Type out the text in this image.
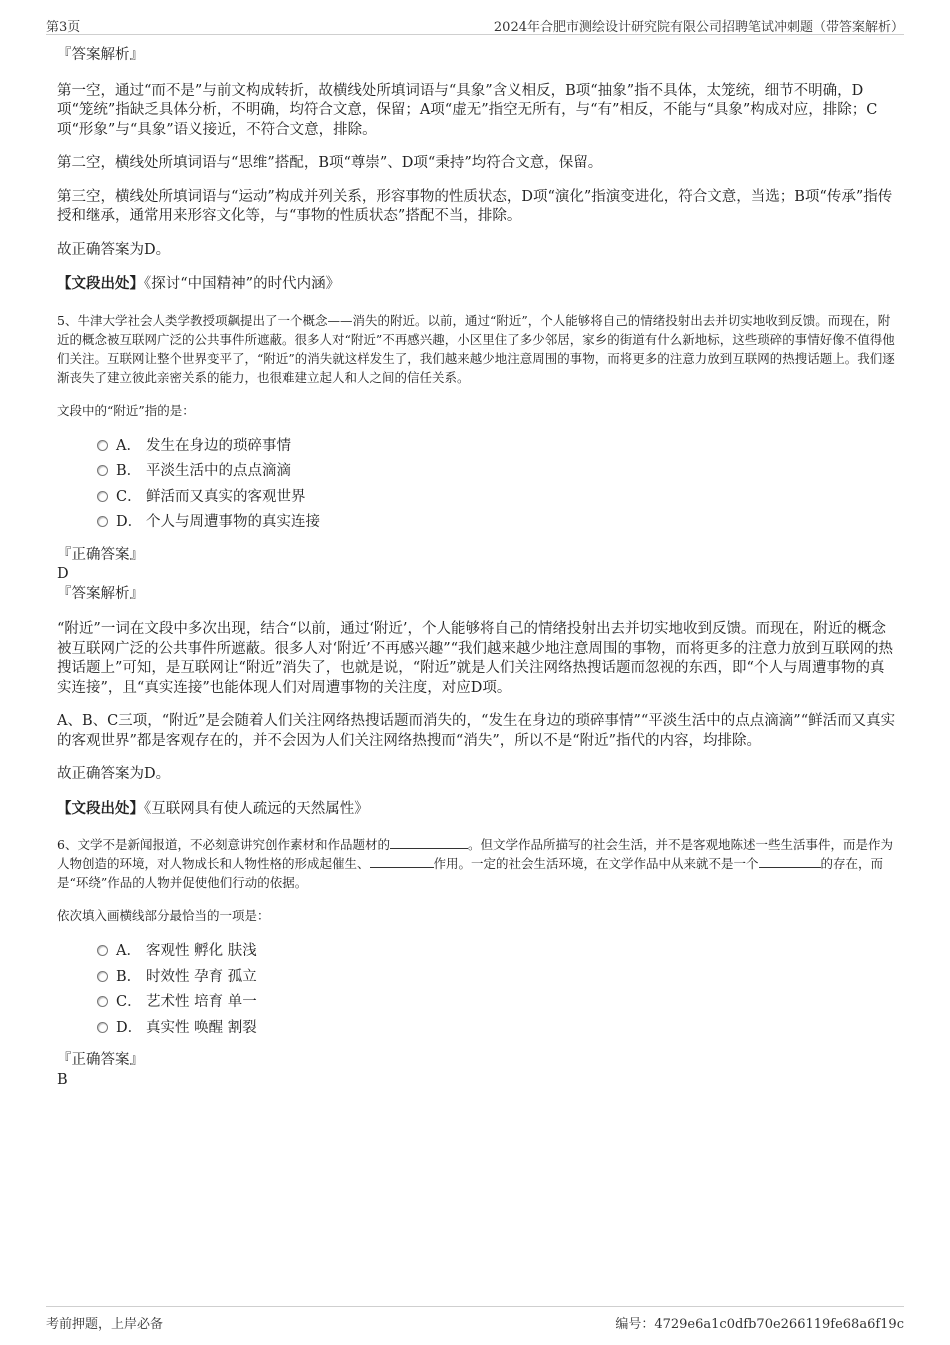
第3页	2024年合肥市测绘设计研究院有限公司招聘笔试冲刺题（带答案解析）

『答案解析』

第一空，通过“而不是”与前文构成转折，故横线处所填词语与“具象”含义相反，B项“抽象”指不具体，太笼统，细节不明确，D项“笼统”指缺乏具体分析，不明确，均符合文意，保留；A项“虚无”指空无所有，与“有”相反，不能与“具象”构成对应，排除；C项“形象”与“具象”语义接近，不符合文意，排除。

第二空，横线处所填词语与“思维”搭配，B项“尊崇”、D项“秉持”均符合文意，保留。

第三空，横线处所填词语与“运动”构成并列关系，形容事物的性质状态，D项“演化”指演变进化，符合文意，当选；B项“传承”指传授和继承，通常用来形容文化等，与“事物的性质状态”搭配不当，排除。

故正确答案为D。

【文段出处】《探讨“中国精神”的时代内涵》

5、牛津大学社会人类学教授项飙提出了一个概念——消失的附近。以前，通过“附近”，个人能够将自己的情绪投射出去并切实地收到反馈。而现在，附近的概念被互联网广泛的公共事件所遮蔽。很多人对“附近”不再感兴趣，小区里住了多少邻居，家乡的街道有什么新地标，这些琐碎的事情好像不值得他们关注。互联网让整个世界变平了，“附近”的消失就这样发生了，我们越来越少地注意周围的事物，而将更多的注意力放到互联网的热搜话题上。我们逐渐丧失了建立彼此亲密关系的能力，也很难建立起人和人之间的信任关系。

文段中的“附近”指的是：

A． 发生在身边的琐碎事情
B． 平淡生活中的点点滴滴
C． 鲜活而又真实的客观世界
D． 个人与周遭事物的真实连接

『正确答案』

D

『答案解析』

“附近”一词在文段中多次出现，结合“以前，通过‘附近’，个人能够将自己的情绪投射出去并切实地收到反馈。而现在，附近的概念被互联网广泛的公共事件所遮蔽。很多人对‘附近’不再感兴趣”“我们越来越少地注意周围的事物，而将更多的注意力放到互联网的热搜话题上”可知，是互联网让“附近”消失了，也就是说，“附近”就是人们关注网络热搜话题而忽视的东西，即“个人与周遭事物的真实连接”，且“真实连接”也能体现人们对周遭事物的关注度，对应D项。

A、B、C三项，“附近”是会随着人们关注网络热搜话题而消失的，“发生在身边的琐碎事情”“平淡生活中的点点滴滴”“鲜活而又真实的客观世界”都是客观存在的，并不会因为人们关注网络热搜而“消失”，所以不是“附近”指代的内容，均排除。

故正确答案为D。

【文段出处】《互联网具有使人疏远的天然属性》

6、文学不是新闻报道，不必刻意讲究创作素材和作品题材的	。但文学作品所描写的社会生活，并不是客观地陈述一些生活事件，而是作为人物创造的环境，对人物成长和人物性格的形成起催生、	作用。一定的社会生活环境，在文学作品中从来就不是一个	的存在，而是“环绕”作品的人物并促使他们行动的依据。

依次填入画横线部分最恰当的一项是：

A． 客观性 孵化 肤浅
B． 时效性 孕育 孤立
C． 艺术性 培育 单一
D． 真实性 唤醒 割裂

『正确答案』

B

考前押题，上岸必备	编号：4729e6a1c0dfb70e266119fe68a6f19c
